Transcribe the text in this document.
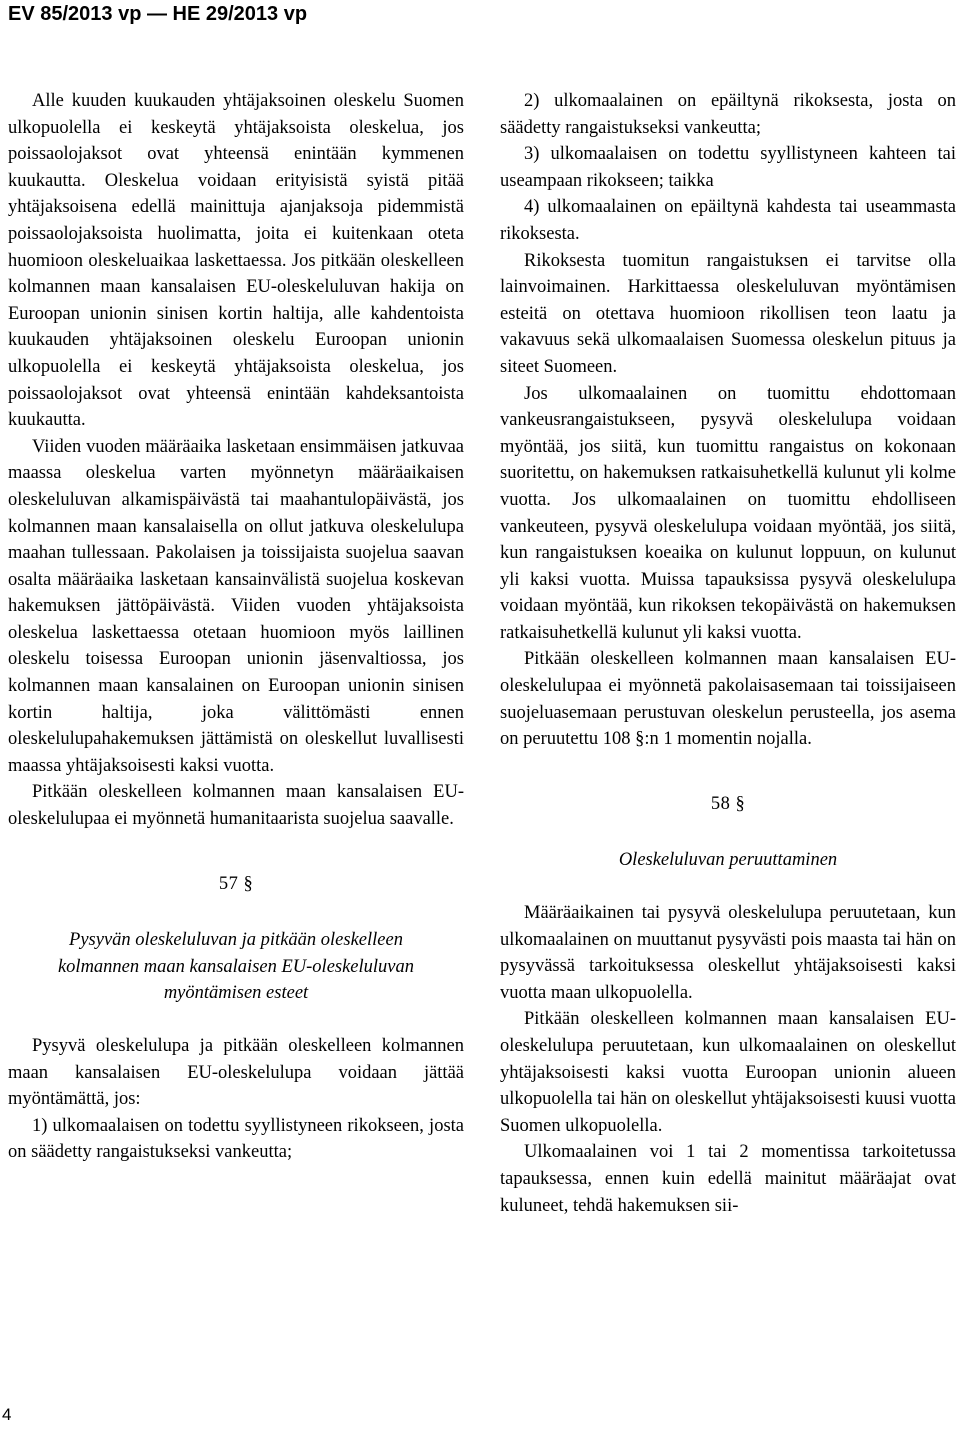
EV 85/2013 vp — HE 29/2013 vp

Alle kuuden kuukauden yhtäjaksoinen oleskelu Suomen ulkopuolella ei keskeytä yhtäjaksoista oleskelua, jos poissaolojaksot ovat yhteensä enintään kymmenen kuukautta. Oleskelua voidaan erityisistä syistä pitää yhtäjaksoisena edellä mainittuja ajanjaksoja pidemmistä poissaolojaksoista huolimatta, joita ei kuitenkaan oteta huomioon oleskeluaikaa laskettaessa. Jos pitkään oleskelleen kolmannen maan kansalaisen EU-oleskeluluvan hakija on Euroopan unionin sinisen kortin haltija, alle kahdentoista kuukauden yhtäjaksoinen oleskelu Euroopan unionin ulkopuolella ei keskeytä yhtäjaksoista oleskelua, jos poissaolojaksot ovat yhteensä enintään kahdeksantoista kuukautta.

Viiden vuoden määräaika lasketaan ensimmäisen jatkuvaa maassa oleskelua varten myönnetyn määräaikaisen oleskeluluvan alkamispäivästä tai maahantulopäivästä, jos kolmannen maan kansalaisella on ollut jatkuva oleskelulupa maahan tullessaan. Pakolaisen ja toissijaista suojelua saavan osalta määräaika lasketaan kansainvälistä suojelua koskevan hakemuksen jättöpäivästä. Viiden vuoden yhtäjaksoista oleskelua laskettaessa otetaan huomioon myös laillinen oleskelu toisessa Euroopan unionin jäsenvaltiossa, jos kolmannen maan kansalainen on Euroopan unionin sinisen kortin haltija, joka välittömästi ennen oleskelulupahakemuksen jättämistä on oleskellut luvallisesti maassa yhtäjaksoisesti kaksi vuotta.

Pitkään oleskelleen kolmannen maan kansalaisen EU-oleskelulupaa ei myönnetä humanitaarista suojelua saavalle.

57 §

Pysyvän oleskeluluvan ja pitkään oleskelleen
kolmannen maan kansalaisen EU-oleskeluluvan
myöntämisen esteet

Pysyvä oleskelulupa ja pitkään oleskelleen kolmannen maan kansalaisen EU-oleskelulupa voidaan jättää myöntämättä, jos:

1) ulkomaalaisen on todettu syyllistyneen rikokseen, josta on säädetty rangaistukseksi vankeutta;

2) ulkomaalainen on epäiltynä rikoksesta, josta on säädetty rangaistukseksi vankeutta;

3) ulkomaalaisen on todettu syyllistyneen kahteen tai useampaan rikokseen; taikka

4) ulkomaalainen on epäiltynä kahdesta tai useammasta rikoksesta.

Rikoksesta tuomitun rangaistuksen ei tarvitse olla lainvoimainen. Harkittaessa oleskeluluvan myöntämisen esteitä on otettava huomioon rikollisen teon laatu ja vakavuus sekä ulkomaalaisen Suomessa oleskelun pituus ja siteet Suomeen.

Jos ulkomaalainen on tuomittu ehdottomaan vankeusrangaistukseen, pysyvä oleskelulupa voidaan myöntää, jos siitä, kun tuomittu rangaistus on kokonaan suoritettu, on hakemuksen ratkaisuhetkellä kulunut yli kolme vuotta. Jos ulkomaalainen on tuomittu ehdolliseen vankeuteen, pysyvä oleskelulupa voidaan myöntää, jos siitä, kun rangaistuksen koeaika on kulunut loppuun, on kulunut yli kaksi vuotta. Muissa tapauksissa pysyvä oleskelulupa voidaan myöntää, kun rikoksen tekopäivästä on hakemuksen ratkaisuhetkellä kulunut yli kaksi vuotta.

Pitkään oleskelleen kolmannen maan kansalaisen EU-oleskelulupaa ei myönnetä pakolaisasemaan tai toissijaiseen suojeluasemaan perustuvan oleskelun perusteella, jos asema on peruutettu 108 §:n 1 momentin nojalla.

58 §

Oleskeluluvan peruuttaminen

Määräaikainen tai pysyvä oleskelulupa peruutetaan, kun ulkomaalainen on muuttanut pysyvästi pois maasta tai hän on pysyvässä tarkoituksessa oleskellut yhtäjaksoisesti kaksi vuotta maan ulkopuolella.

Pitkään oleskelleen kolmannen maan kansalaisen EU-oleskelulupa peruutetaan, kun ulkomaalainen on oleskellut yhtäjaksoisesti kaksi vuotta Euroopan unionin alueen ulkopuolella tai hän on oleskellut yhtäjaksoisesti kuusi vuotta Suomen ulkopuolella.

Ulkomaalainen voi 1 tai 2 momentissa tarkoitetussa tapauksessa, ennen kuin edellä mainitut määräajat ovat kuluneet, tehdä hakemuksen sii-

4
